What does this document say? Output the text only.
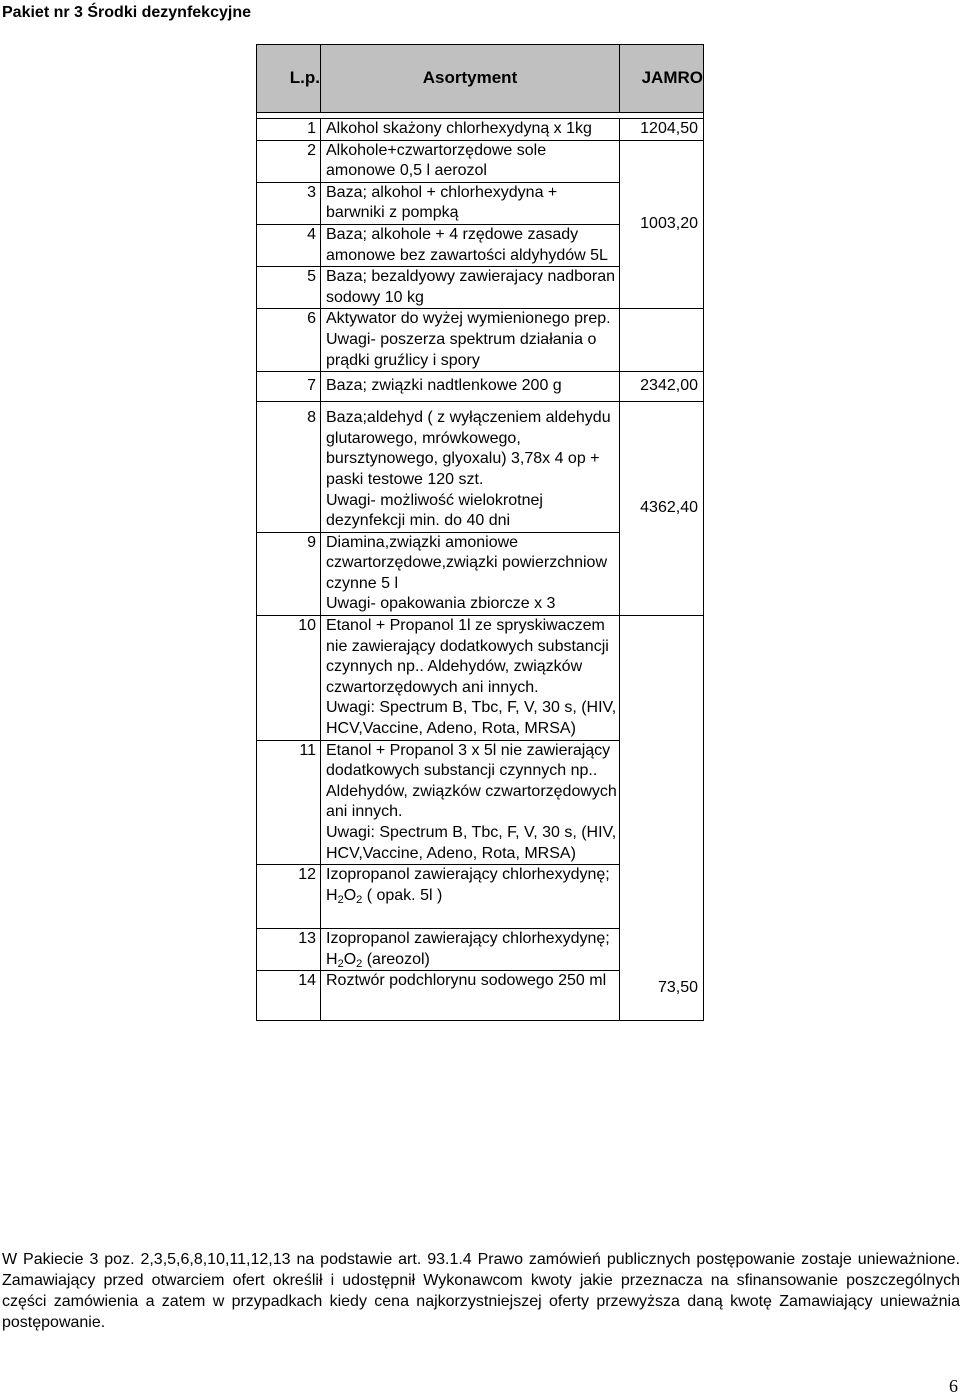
Pakiet nr 3 Środki dezynfekcyjne
L.p.	Asortyment	JAMRO

1	Alkohol skażony chlorhexydyną x 1kg	1204,50
2	Alkohole+czwartorzędowe sole amonowe 0,5 l aerozol	1003,20
3	Baza; alkohol + chlorhexydyna + barwniki z pompką	
4	Baza; alkohole + 4 rzędowe zasady amonowe bez zawartości aldyhydów 5L	
5	Baza; bezaldyowy zawierajacy nadboran sodowy 10 kg	
6	Aktywator do wyżej wymienionego prep.
Uwagi- poszerza spektrum działania o prądki gruźlicy i spory	
7	Baza; związki nadtlenkowe 200 g	2342,00
8	Baza;aldehyd ( z wyłączeniem aldehydu glutarowego, mrówkowego, bursztynowego, glyoxalu) 3,78x 4 op + paski testowe 120 szt.
Uwagi- możliwość wielokrotnej dezynfekcji min. do 40 dni	4362,40
9	Diamina,związki amoniowe czwartorzędowe,związki powierzchniow czynne 5 l
Uwagi- opakowania zbiorcze x 3	
10	Etanol + Propanol 1l ze spryskiwaczem nie zawierający dodatkowych substancji czynnych np.. Aldehydów, związków czwartorzędowych ani innych.
Uwagi: Spectrum B, Tbc, F, V, 30 s, (HIV, HCV,Vaccine, Adeno, Rota, MRSA)	73,50
11	Etanol + Propanol 3 x 5l nie zawierający dodatkowych substancji czynnych np.. Aldehydów, związków czwartorzędowych ani innych.
Uwagi: Spectrum B, Tbc, F, V, 30 s, (HIV, HCV,Vaccine, Adeno, Rota, MRSA)	
12	Izopropanol zawierający chlorhexydynę; $H_2O_2$ ( opak. 5l )	
13	Izopropanol zawierający chlorhexydynę; $H_2O_2$ (areozol)	
14	Roztwór podchlorynu sodowego 250 ml	

W Pakiecie 3 poz. 2,3,5,6,8,10,11,12,13 na podstawie art. 93.1.4 Prawo zamówień publicznych postępowanie zostaje unieważnione. Zamawiający przed otwarciem ofert określił i udostępnił Wykonawcom kwoty jakie przeznacza na sfinansowanie poszczególnych części zamówienia a zatem w przypadkach kiedy cena najkorzystniejszej oferty przewyższa daną kwotę Zamawiający unieważnia postępowanie.

6
